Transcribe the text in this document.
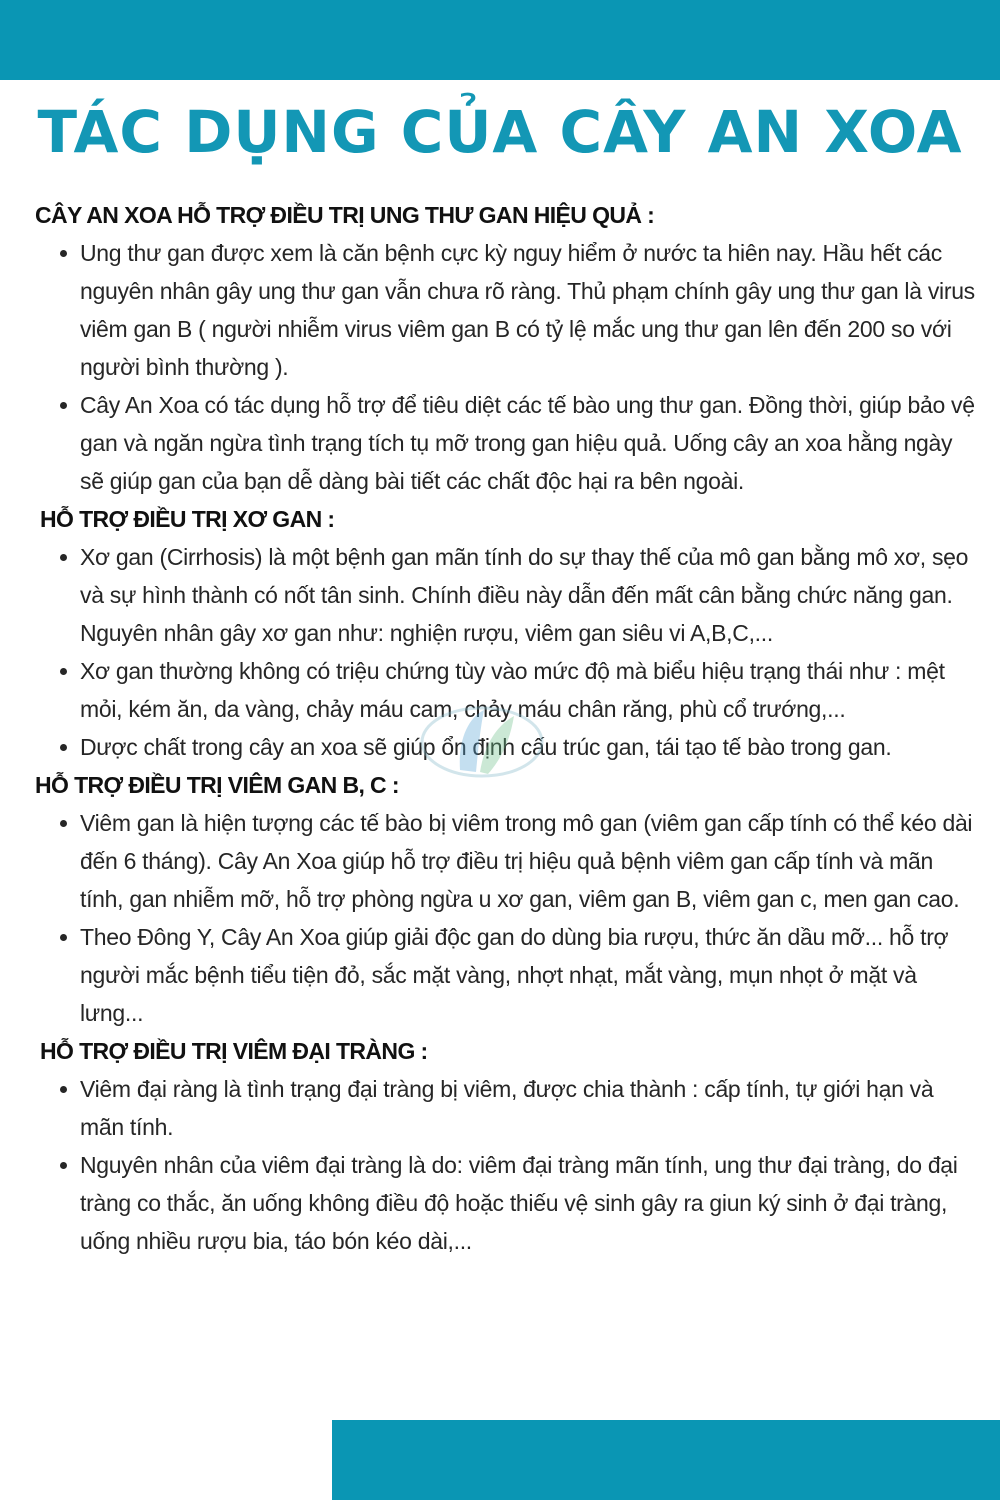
TÁC DỤNG CỦA CÂY AN XOA
CÂY AN XOA HỖ TRỢ ĐIỀU TRỊ UNG THƯ GAN HIỆU QUẢ :
Ung thư gan được xem là căn bệnh cực kỳ nguy hiểm ở nước ta hiên nay. Hầu hết các nguyên nhân gây ung thư gan vẫn chưa rõ ràng. Thủ phạm chính gây ung thư gan là virus viêm gan B ( người nhiễm virus viêm gan B có tỷ lệ mắc ung thư gan lên đến 200 so với người bình thường ).
Cây An Xoa có tác dụng hỗ trợ để tiêu diệt các tế bào ung thư gan. Đồng thời, giúp bảo vệ gan và ngăn ngừa tình trạng tích tụ mỡ trong gan hiệu quả. Uống cây an xoa hằng ngày sẽ giúp gan của bạn dễ dàng bài tiết các chất độc hại ra bên ngoài.
HỖ TRỢ ĐIỀU TRỊ XƠ GAN :
Xơ gan (Cirrhosis) là một bệnh gan mãn tính do sự thay thế của mô gan bằng mô xơ, sẹo và sự hình thành có nốt tân sinh. Chính điều này dẫn đến mất cân bằng chức năng gan. Nguyên nhân gây xơ gan như: nghiện rượu, viêm gan siêu vi A,B,C,...
Xơ gan thường không có triệu chứng tùy vào mức độ mà biểu hiệu trạng thái như : mệt mỏi, kém ăn, da vàng, chảy máu cam, chảy máu chân răng, phù cổ trướng,...
Dược chất trong cây an xoa sẽ giúp ổn định cấu trúc gan, tái tạo tế bào trong gan.
HỖ TRỢ ĐIỀU TRỊ VIÊM GAN B, C :
Viêm gan là hiện tượng các tế bào bị viêm trong mô gan (viêm gan cấp tính có thể kéo dài đến 6 tháng). Cây An Xoa giúp hỗ trợ điều trị hiệu quả bệnh viêm gan cấp tính và mãn tính, gan nhiễm mỡ, hỗ trợ phòng ngừa u xơ gan, viêm gan B, viêm gan c, men gan cao.
Theo Đông Y, Cây An Xoa giúp giải độc gan do dùng bia rượu, thức ăn dầu mỡ... hỗ trợ người mắc bệnh tiểu tiện đỏ, sắc mặt vàng, nhợt nhạt, mắt vàng, mụn nhọt ở mặt và lưng...
HỖ TRỢ ĐIỀU TRỊ VIÊM ĐẠI TRÀNG :
Viêm đại ràng là tình trạng đại tràng bị viêm, được chia thành : cấp tính, tự giới hạn và mãn tính.
Nguyên nhân của viêm đại tràng là do: viêm đại tràng mãn tính, ung thư đại tràng, do đại tràng co thắc, ăn uống không điều độ hoặc thiếu vệ sinh gây ra giun ký sinh ở đại tràng, uống nhiều rượu bia, táo bón kéo dài,...
